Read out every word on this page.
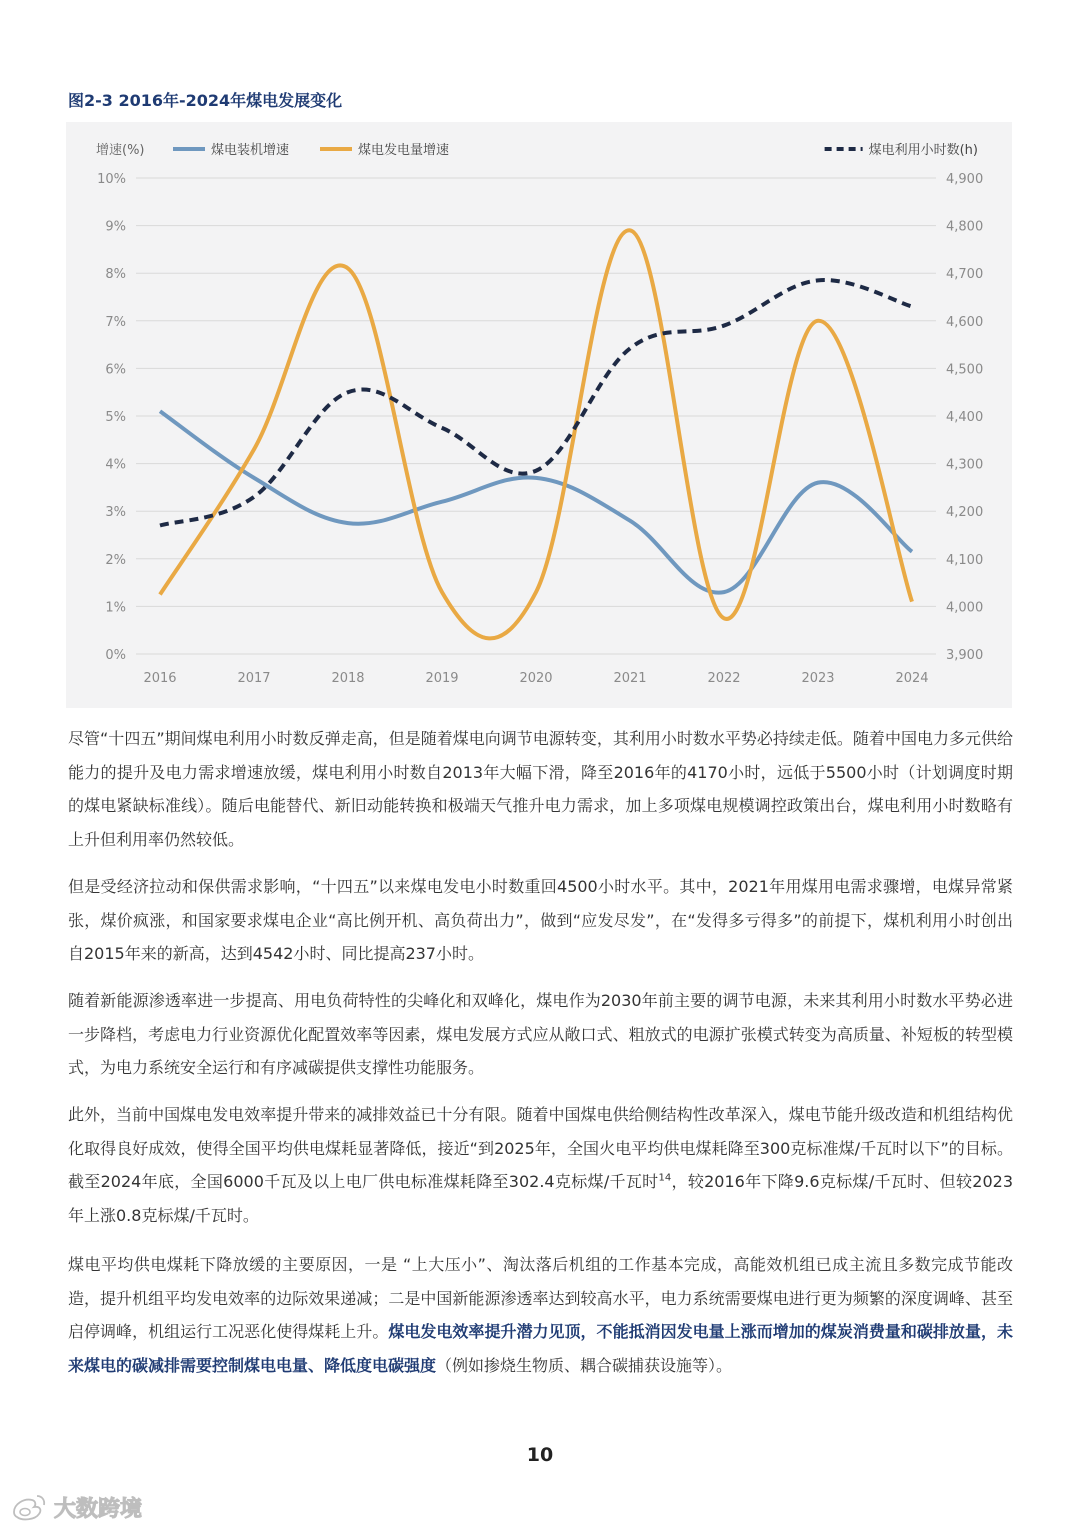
图2-3 2016年-2024年煤电发展变化
0%	3,900
1%	4,000
2%	4,100
3%	4,200
4%	4,300
5%	4,400
6%	4,500
7%	4,600
8%	4,700
9%	4,800
10%	4,900
2016	2017	2018	2019	2020	2021	2022	2023	2024
增速(%)	煤电装机增速	煤电发电量增速	煤电利用小时数(h)

尽管“十四五”期间煤电利用小时数反弹走高，但是随着煤电向调节电源转变，其利用小时数水平势必持续走低。随着中国电力多元供给能力的提升及电力需求增速放缓，煤电利用小时数自2013年大幅下滑，降至2016年的4170小时，远低于5500小时（计划调度时期的煤电紧缺标准线）。随后电能替代、新旧动能转换和极端天气推升电力需求，加上多项煤电规模调控政策出台，煤电利用小时数略有上升但利用率仍然较低。

但是受经济拉动和保供需求影响，“十四五”以来煤电发电小时数重回4500小时水平。其中，2021年用煤用电需求骤增，电煤异常紧张，煤价疯涨，和国家要求煤电企业“高比例开机、高负荷出力”，做到“应发尽发”，在“发得多亏得多”的前提下，煤机利用小时创出自2015年来的新高，达到4542小时、同比提高237小时。

随着新能源渗透率进一步提高、用电负荷特性的尖峰化和双峰化，煤电作为2030年前主要的调节电源，未来其利用小时数水平势必进一步降档，考虑电力行业资源优化配置效率等因素，煤电发展方式应从敞口式、粗放式的电源扩张模式转变为高质量、补短板的转型模式，为电力系统安全运行和有序减碳提供支撑性功能服务。

此外，当前中国煤电发电效率提升带来的减排效益已十分有限。随着中国煤电供给侧结构性改革深入，煤电节能升级改造和机组结构优化取得良好成效，使得全国平均供电煤耗显著降低，接近“到2025年，全国火电平均供电煤耗降至300克标准煤/千瓦时以下”的目标。截至2024年底，全国6000千瓦及以上电厂供电标准煤耗降至302.4克标煤/千瓦时$^{14}$，较2016年下降9.6克标煤/千瓦时、但较2023年上涨0.8克标煤/千瓦时。

煤电平均供电煤耗下降放缓的主要原因，一是 “上大压小”、淘汰落后机组的工作基本完成，高能效机组已成主流且多数完成节能改造，提升机组平均发电效率的边际效果递减；二是中国新能源渗透率达到较高水平，电力系统需要煤电进行更为频繁的深度调峰、甚至启停调峰，机组运行工况恶化使得煤耗上升。煤电发电效率提升潜力见顶，不能抵消因发电量上涨而增加的煤炭消费量和碳排放量，未来煤电的碳减排需要控制煤电电量、降低度电碳强度（例如掺烧生物质、耦合碳捕获设施等）。

10
大数跨境
